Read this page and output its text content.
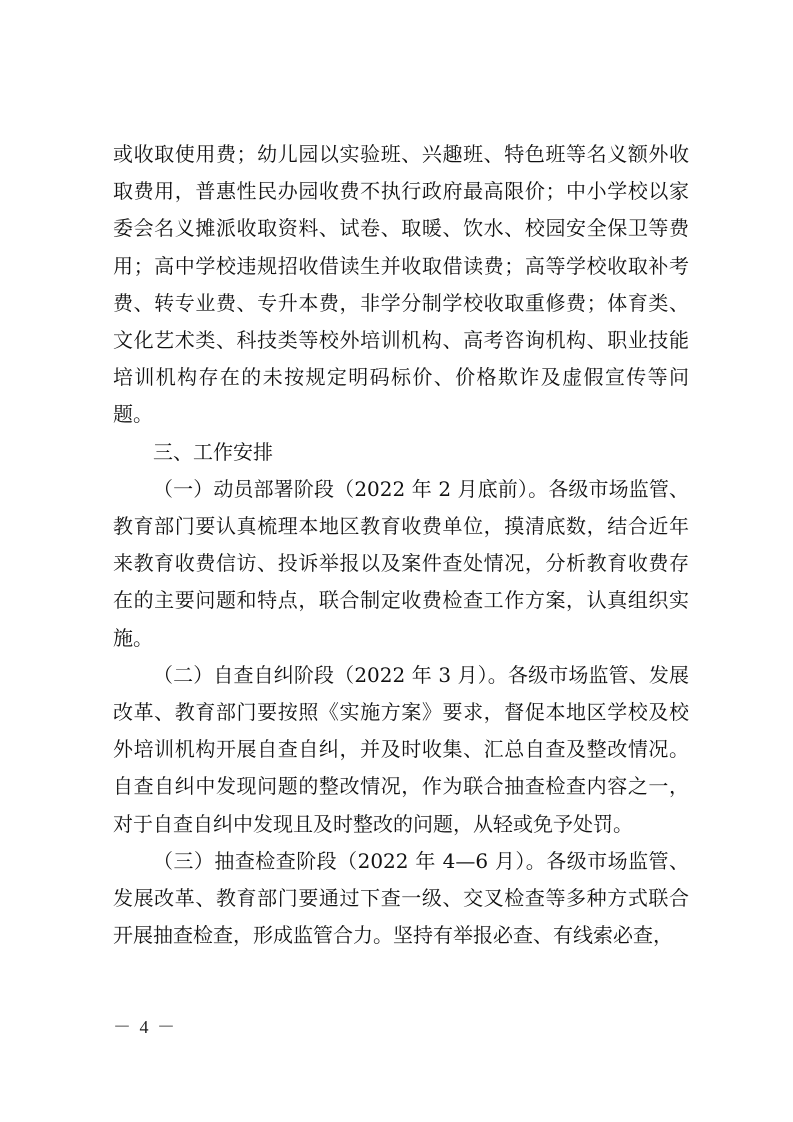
或收取使用费；幼儿园以实验班、兴趣班、特色班等名义额外收取费用，普惠性民办园收费不执行政府最高限价；中小学校以家委会名义摊派收取资料、试卷、取暖、饮水、校园安全保卫等费用；高中学校违规招收借读生并收取借读费；高等学校收取补考费、转专业费、专升本费，非学分制学校收取重修费；体育类、文化艺术类、科技类等校外培训机构、高考咨询机构、职业技能培训机构存在的未按规定明码标价、价格欺诈及虚假宣传等问题。

三、工作安排

（一）动员部署阶段（2022 年 2 月底前）。各级市场监管、教育部门要认真梳理本地区教育收费单位，摸清底数，结合近年来教育收费信访、投诉举报以及案件查处情况，分析教育收费存在的主要问题和特点，联合制定收费检查工作方案，认真组织实施。

（二）自查自纠阶段（2022 年 3 月）。各级市场监管、发展改革、教育部门要按照《实施方案》要求，督促本地区学校及校外培训机构开展自查自纠，并及时收集、汇总自查及整改情况。自查自纠中发现问题的整改情况，作为联合抽查检查内容之一，对于自查自纠中发现且及时整改的问题，从轻或免予处罚。

（三）抽查检查阶段（2022 年 4—6 月）。各级市场监管、发展改革、教育部门要通过下查一级、交叉检查等多种方式联合开展抽查检查，形成监管合力。坚持有举报必查、有线索必查，

－ 4 －
